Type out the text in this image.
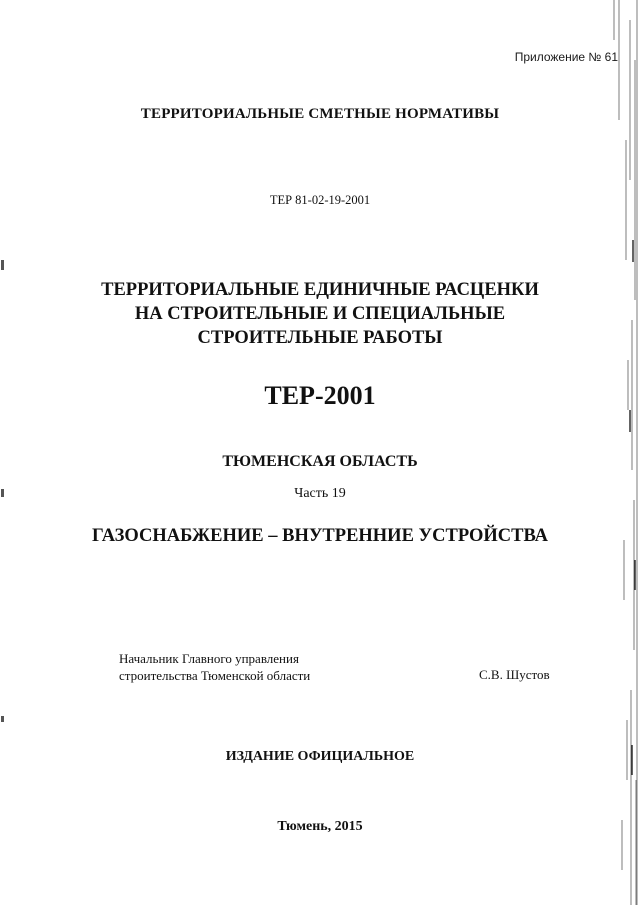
Приложение № 61
ТЕРРИТОРИАЛЬНЫЕ СМЕТНЫЕ НОРМАТИВЫ
ТЕР 81-02-19-2001
ТЕРРИТОРИАЛЬНЫЕ ЕДИНИЧНЫЕ РАСЦЕНКИ
НА СТРОИТЕЛЬНЫЕ И СПЕЦИАЛЬНЫЕ
СТРОИТЕЛЬНЫЕ РАБОТЫ
ТЕР-2001
ТЮМЕНСКАЯ ОБЛАСТЬ
Часть 19
ГАЗОСНАБЖЕНИЕ – ВНУТРЕННИЕ УСТРОЙСТВА
Начальник Главного управления
строительства Тюменской области	С.В. Шустов
ИЗДАНИЕ ОФИЦИАЛЬНОЕ
Тюмень, 2015
